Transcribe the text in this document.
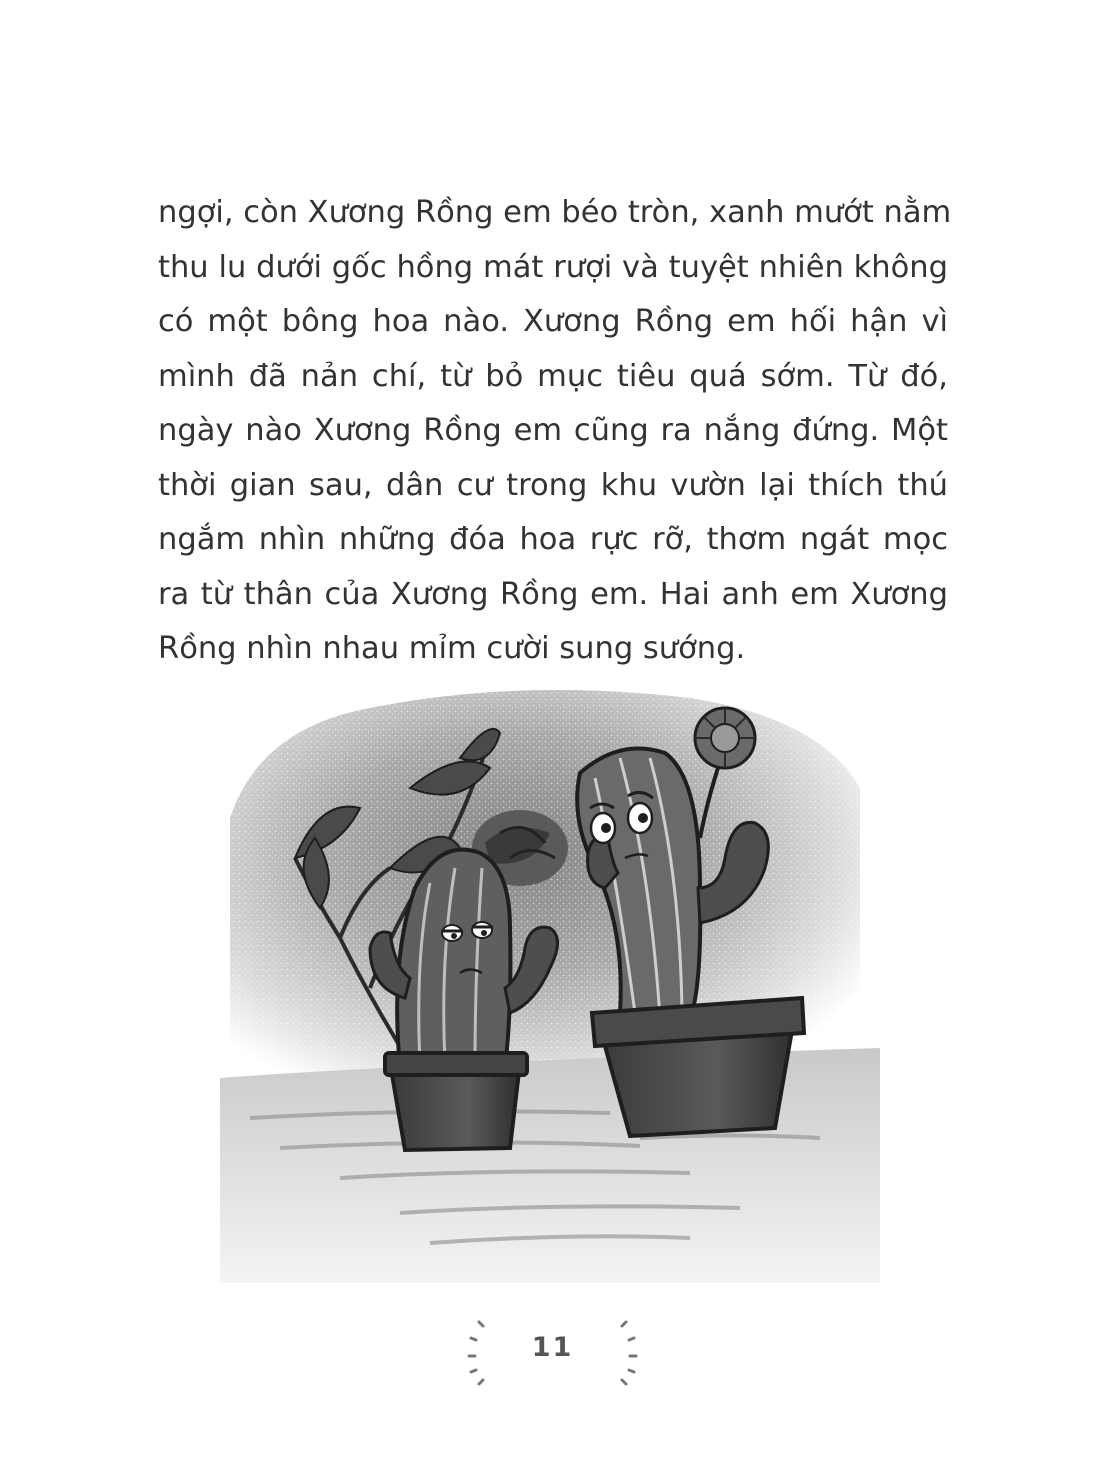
ngợi, còn Xương Rồng em béo tròn, xanh mướt nằm
thu lu dưới gốc hồng mát rượi và tuyệt nhiên không
có một bông hoa nào. Xương Rồng em hối hận vì
mình đã nản chí, từ bỏ mục tiêu quá sớm. Từ đó,
ngày nào Xương Rồng em cũng ra nắng đứng. Một
thời gian sau, dân cư trong khu vườn lại thích thú
ngắm nhìn những đóa hoa rực rỡ, thơm ngát mọc
ra từ thân của Xương Rồng em. Hai anh em Xương
Rồng nhìn nhau mỉm cười sung sướng.
11
